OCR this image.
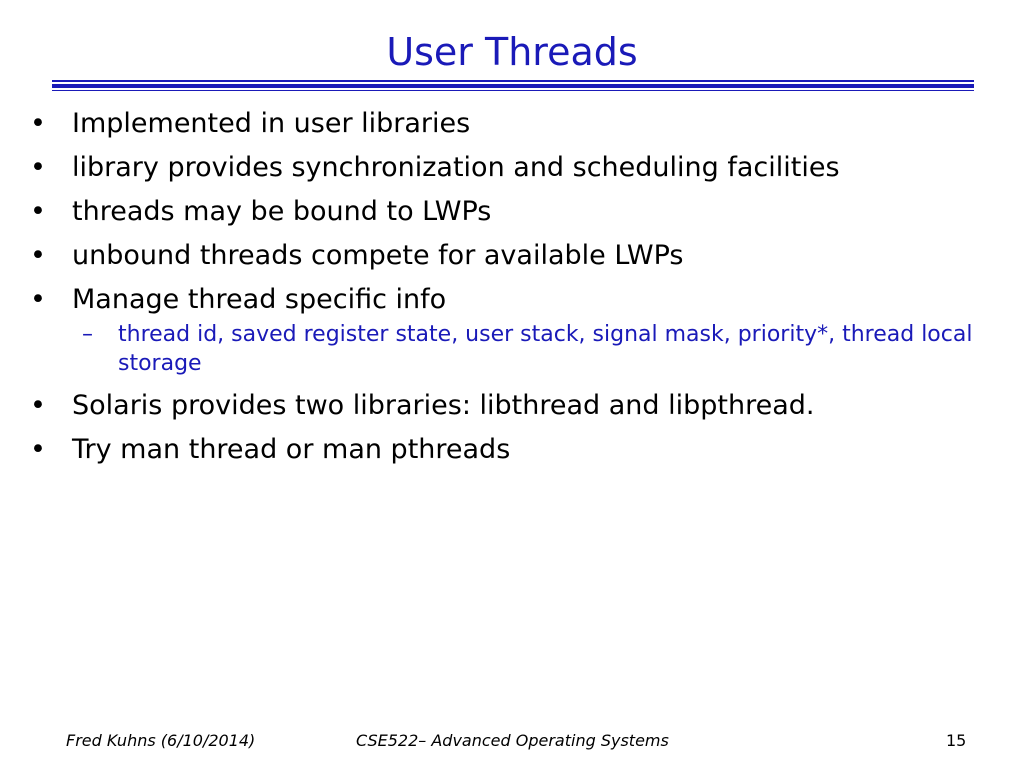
User Threads
• Implemented in user libraries
• library provides synchronization and scheduling facilities
• threads may be bound to LWPs
• unbound threads compete for available LWPs
• Manage thread specific info
– thread id, saved register state, user stack, signal mask, priority*, thread local storage
• Solaris provides two libraries: libthread and libpthread.
• Try man thread or man pthreads
Fred Kuhns (6/10/2014)	CSE522– Advanced Operating Systems	15
